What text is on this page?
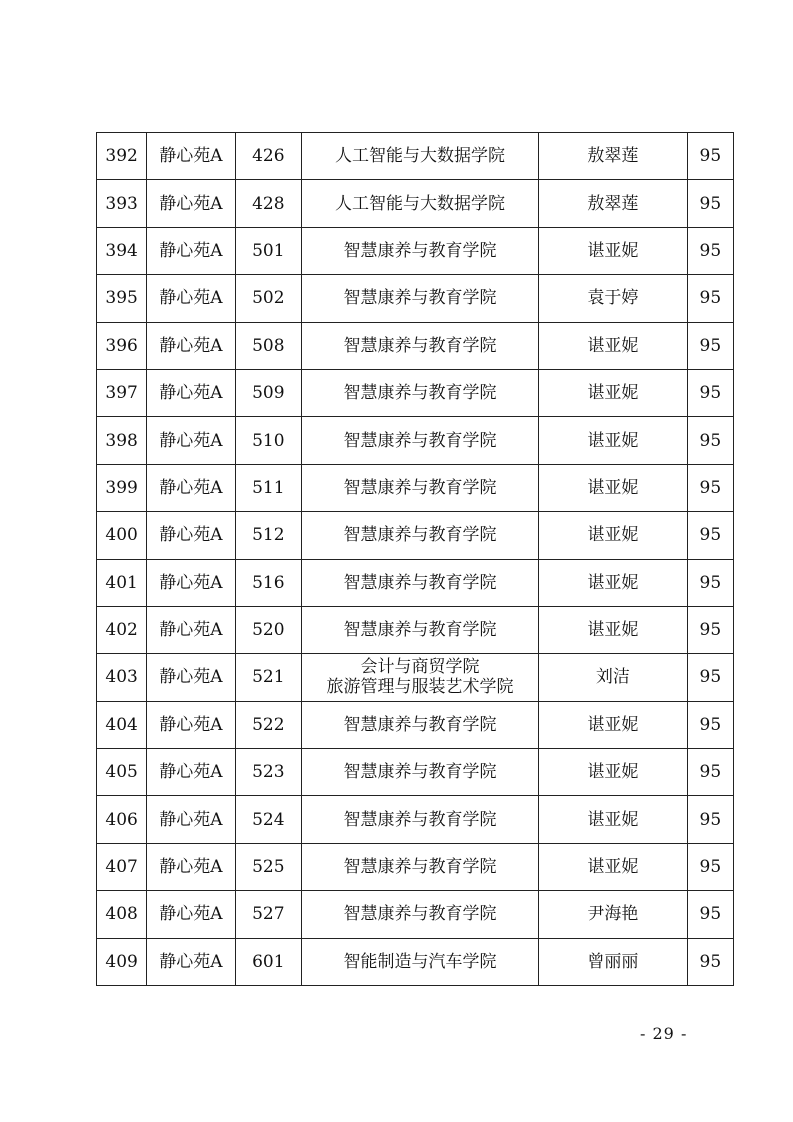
392	静心苑A	426	人工智能与大数据学院	敖翠莲	95
393	静心苑A	428	人工智能与大数据学院	敖翠莲	95
394	静心苑A	501	智慧康养与教育学院	谌亚妮	95
395	静心苑A	502	智慧康养与教育学院	袁于婷	95
396	静心苑A	508	智慧康养与教育学院	谌亚妮	95
397	静心苑A	509	智慧康养与教育学院	谌亚妮	95
398	静心苑A	510	智慧康养与教育学院	谌亚妮	95
399	静心苑A	511	智慧康养与教育学院	谌亚妮	95
400	静心苑A	512	智慧康养与教育学院	谌亚妮	95
401	静心苑A	516	智慧康养与教育学院	谌亚妮	95
402	静心苑A	520	智慧康养与教育学院	谌亚妮	95
403	静心苑A	521	会计与商贸学院
旅游管理与服装艺术学院	刘洁	95
404	静心苑A	522	智慧康养与教育学院	谌亚妮	95
405	静心苑A	523	智慧康养与教育学院	谌亚妮	95
406	静心苑A	524	智慧康养与教育学院	谌亚妮	95
407	静心苑A	525	智慧康养与教育学院	谌亚妮	95
408	静心苑A	527	智慧康养与教育学院	尹海艳	95
409	静心苑A	601	智能制造与汽车学院	曾丽丽	95
- 29 -
